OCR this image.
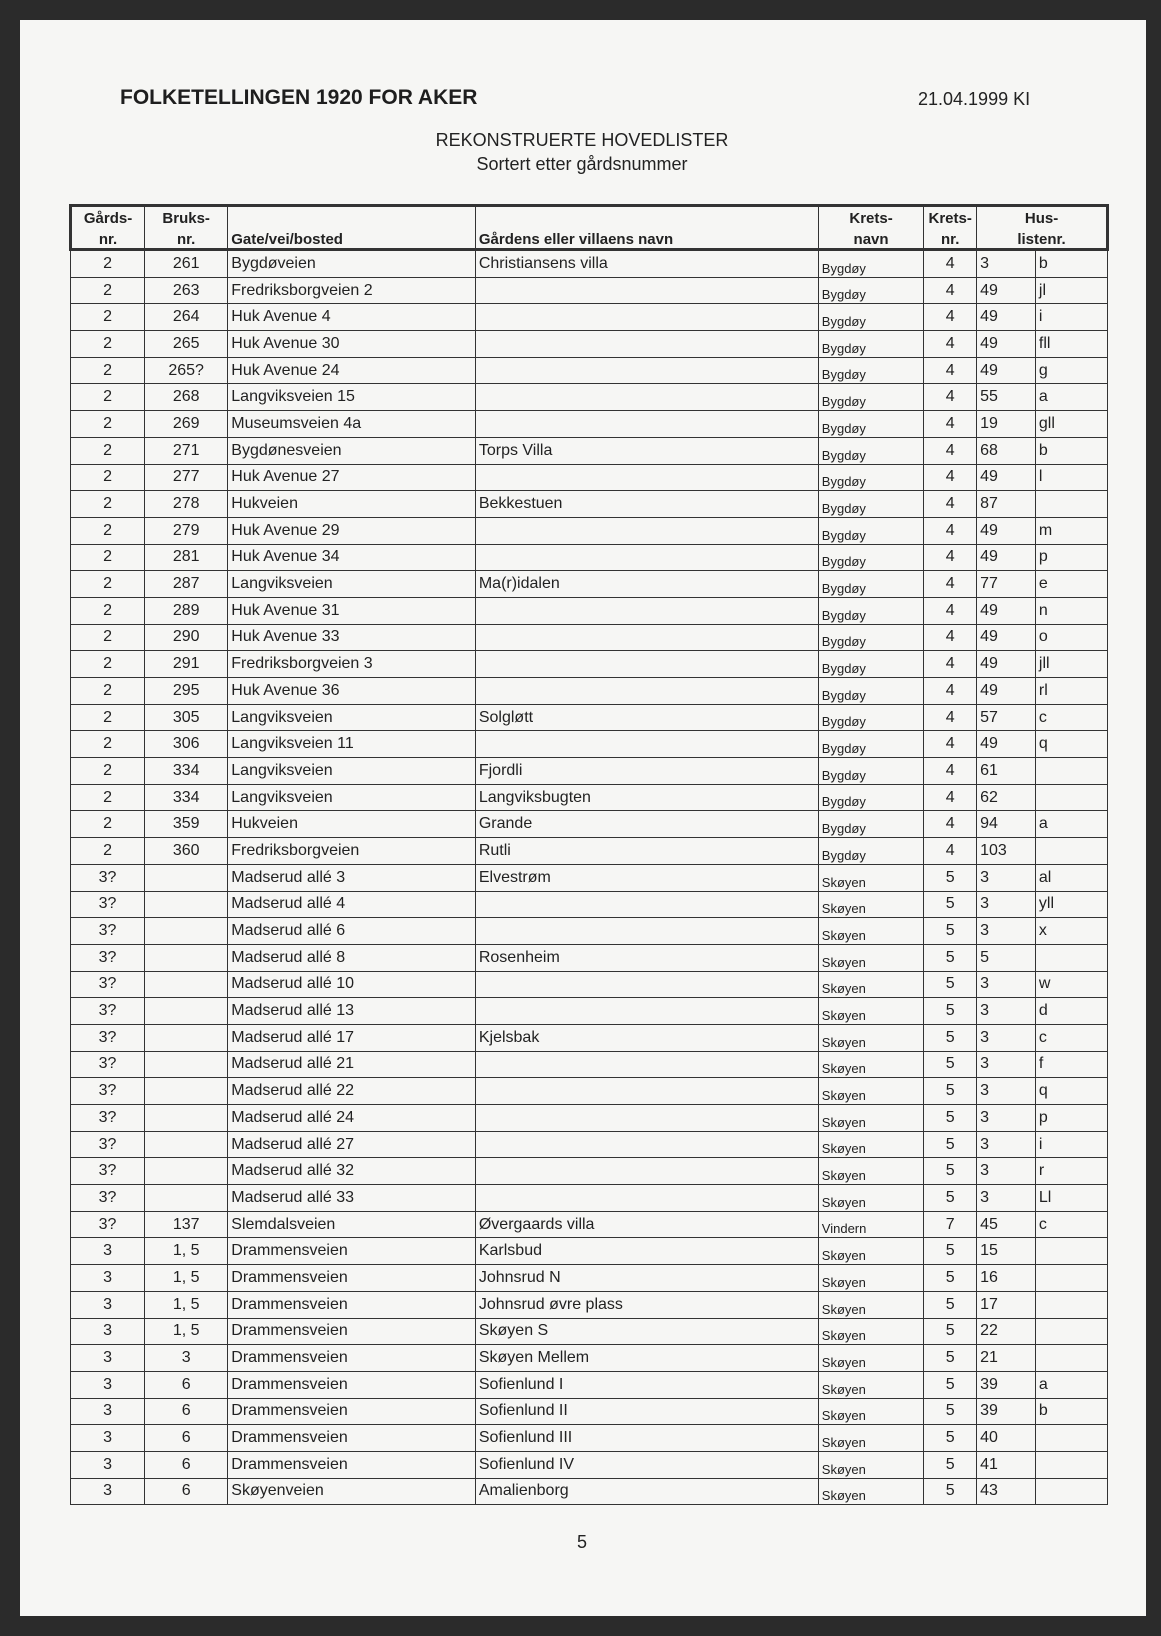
FOLKETELLINGEN 1920 FOR AKER	21.04.1999 KI
REKONSTRUERTE HOVEDLISTER
Sortert etter gårdsnummer
Gårds-	Bruks-			Krets-	Krets-	Hus-	
nr.	nr.	Gate/vei/bosted	Gårdens eller villaens navn	navn	nr.	listenr.	
2	261	Bygdøveien	Christiansens villa	Bygdøy	4	3	b
2	263	Fredriksborgveien 2		Bygdøy	4	49	jl
2	264	Huk Avenue 4		Bygdøy	4	49	i
2	265	Huk Avenue 30		Bygdøy	4	49	fll
2	265?	Huk Avenue 24		Bygdøy	4	49	g
2	268	Langviksveien 15		Bygdøy	4	55	a
2	269	Museumsveien 4a		Bygdøy	4	19	gll
2	271	Bygdønesveien	Torps Villa	Bygdøy	4	68	b
2	277	Huk Avenue 27		Bygdøy	4	49	l
2	278	Hukveien	Bekkestuen	Bygdøy	4	87	
2	279	Huk Avenue 29		Bygdøy	4	49	m
2	281	Huk Avenue 34		Bygdøy	4	49	p
2	287	Langviksveien	Ma(r)idalen	Bygdøy	4	77	e
2	289	Huk Avenue 31		Bygdøy	4	49	n
2	290	Huk Avenue 33		Bygdøy	4	49	o
2	291	Fredriksborgveien 3		Bygdøy	4	49	jll
2	295	Huk Avenue 36		Bygdøy	4	49	rl
2	305	Langviksveien	Solgløtt	Bygdøy	4	57	c
2	306	Langviksveien 11		Bygdøy	4	49	q
2	334	Langviksveien	Fjordli	Bygdøy	4	61	
2	334	Langviksveien	Langviksbugten	Bygdøy	4	62	
2	359	Hukveien	Grande	Bygdøy	4	94	a
2	360	Fredriksborgveien	Rutli	Bygdøy	4	103	
3?		Madserud allé 3	Elvestrøm	Skøyen	5	3	al
3?		Madserud allé 4		Skøyen	5	3	yll
3?		Madserud allé 6		Skøyen	5	3	x
3?		Madserud allé 8	Rosenheim	Skøyen	5	5	
3?		Madserud allé 10		Skøyen	5	3	w
3?		Madserud allé 13		Skøyen	5	3	d
3?		Madserud allé 17	Kjelsbak	Skøyen	5	3	c
3?		Madserud allé 21		Skøyen	5	3	f
3?		Madserud allé 22		Skøyen	5	3	q
3?		Madserud allé 24		Skøyen	5	3	p
3?		Madserud allé 27		Skøyen	5	3	i
3?		Madserud allé 32		Skøyen	5	3	r
3?		Madserud allé 33		Skøyen	5	3	Ll
3?	137	Slemdalsveien	Øvergaards villa	Vindern	7	45	c
3	1, 5	Drammensveien	Karlsbud	Skøyen	5	15	
3	1, 5	Drammensveien	Johnsrud N	Skøyen	5	16	
3	1, 5	Drammensveien	Johnsrud øvre plass	Skøyen	5	17	
3	1, 5	Drammensveien	Skøyen S	Skøyen	5	22	
3	3	Drammensveien	Skøyen Mellem	Skøyen	5	21	
3	6	Drammensveien	Sofienlund I	Skøyen	5	39	a
3	6	Drammensveien	Sofienlund II	Skøyen	5	39	b
3	6	Drammensveien	Sofienlund III	Skøyen	5	40	
3	6	Drammensveien	Sofienlund IV	Skøyen	5	41	
3	6	Skøyenveien	Amalienborg	Skøyen	5	43	
5
